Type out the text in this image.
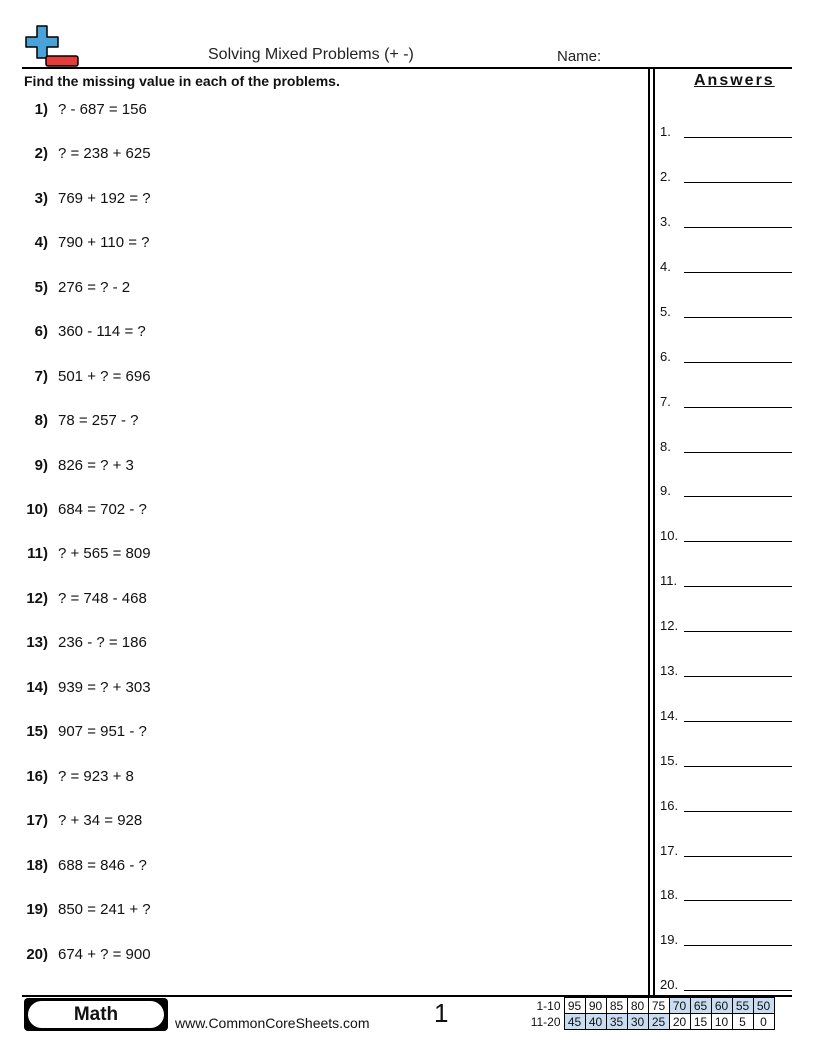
Solving Mixed Problems (+ -)	Name:
Find the missing value in each of the problems.	Answers
1) ? - 687 = 156
2) ? = 238 + 625
3) 769 + 192 = ?
4) 790 + 110 = ?
5) 276 = ? - 2
6) 360 - 114 = ?
7) 501 + ? = 696
8) 78 = 257 - ?
9) 826 = ? + 3
10) 684 = 702 - ?
11) ? + 565 = 809
12) ? = 748 - 468
13) 236 - ? = 186
14) 939 = ? + 303
15) 907 = 951 - ?
16) ? = 923 + 8
17) ? + 34 = 928
18) 688 = 846 - ?
19) 850 = 241 + ?
20) 674 + ? = 900
1.
2.
3.
4.
5.
6.
7.
8.
9.
10.
11.
12.
13.
14.
15.
16.
17.
18.
19.
20.
Math	www.CommonCoreSheets.com 1	1-10	95	90	85	80	75	70	65	60	55	50
11-20	45	40	35	30	25	20	15	10	5	0
